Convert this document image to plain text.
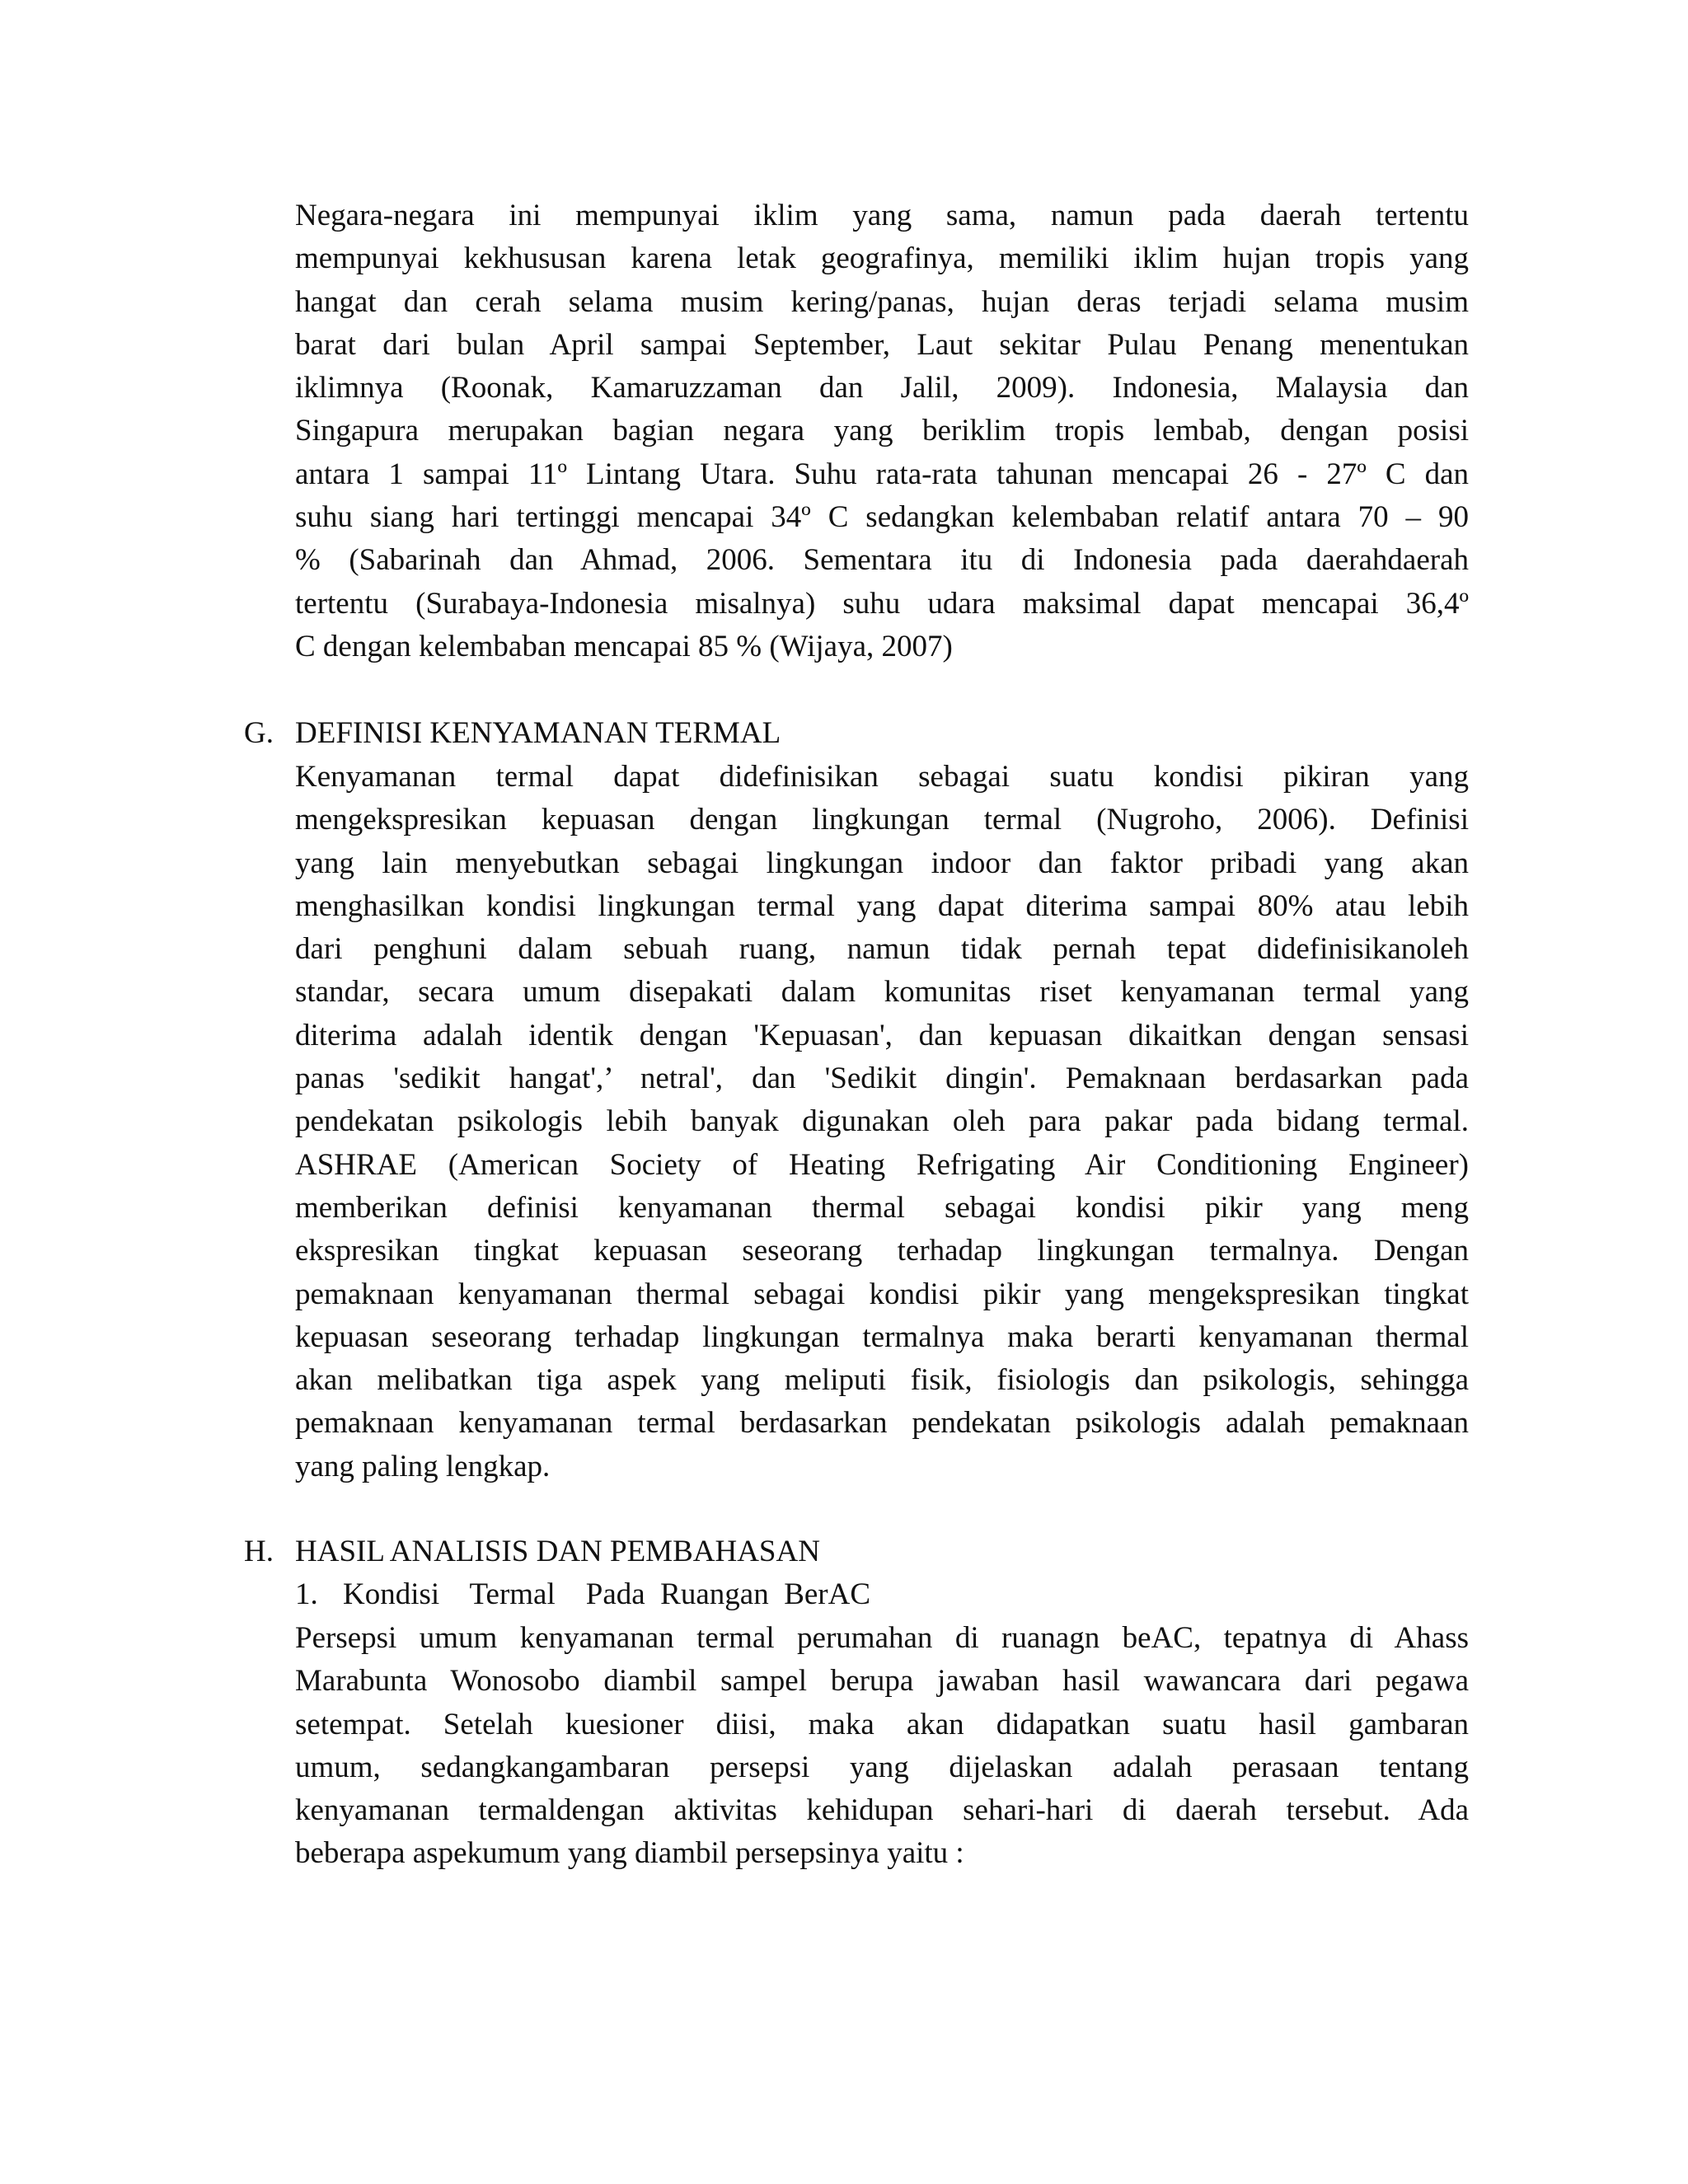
Negara-negara ini mempunyai iklim yang sama, namun pada daerah tertentu
mempunyai kekhususan karena letak geografinya, memiliki iklim hujan tropis yang
hangat dan cerah selama musim kering/panas, hujan deras terjadi selama musim
barat dari bulan April sampai September, Laut sekitar Pulau Penang menentukan
iklimnya (Roonak, Kamaruzzaman dan Jalil, 2009). Indonesia, Malaysia dan
Singapura merupakan bagian negara yang beriklim tropis lembab, dengan posisi
antara 1 sampai 11º Lintang Utara. Suhu rata-rata tahunan mencapai 26 - 27º C dan
suhu siang hari tertinggi mencapai 34º C sedangkan kelembaban relatif antara 70 – 90
% (Sabarinah dan Ahmad, 2006. Sementara itu di Indonesia pada daerahdaerah
tertentu (Surabaya-Indonesia misalnya) suhu udara maksimal dapat mencapai 36,4º
C dengan kelembaban mencapai 85 % (Wijaya, 2007)
G. DEFINISI KENYAMANAN TERMAL
Kenyamanan termal dapat didefinisikan sebagai suatu kondisi pikiran yang
mengekspresikan kepuasan dengan lingkungan termal (Nugroho, 2006). Definisi
yang lain menyebutkan sebagai lingkungan indoor dan faktor pribadi yang akan
menghasilkan kondisi lingkungan termal yang dapat diterima sampai 80% atau lebih
dari penghuni dalam sebuah ruang, namun tidak pernah tepat didefinisikanoleh
standar, secara umum disepakati dalam komunitas riset kenyamanan termal yang
diterima adalah identik dengan 'Kepuasan', dan kepuasan dikaitkan dengan sensasi
panas 'sedikit hangat',’ netral', dan 'Sedikit dingin'. Pemaknaan berdasarkan pada
pendekatan psikologis lebih banyak digunakan oleh para pakar pada bidang termal.
ASHRAE (American Society of Heating Refrigating Air Conditioning Engineer)
memberikan definisi kenyamanan thermal sebagai kondisi pikir yang meng
ekspresikan tingkat kepuasan seseorang terhadap lingkungan termalnya. Dengan
pemaknaan kenyamanan thermal sebagai kondisi pikir yang mengekspresikan tingkat
kepuasan seseorang terhadap lingkungan termalnya maka berarti kenyamanan thermal
akan melibatkan tiga aspek yang meliputi fisik, fisiologis dan psikologis, sehingga
pemaknaan kenyamanan termal berdasarkan pendekatan psikologis adalah pemaknaan
yang paling lengkap.
H. HASIL ANALISIS DAN PEMBAHASAN
1. Kondisi    Termal    Pada  Ruangan  BerAC
Persepsi umum kenyamanan termal perumahan di ruanagn beAC, tepatnya di Ahass
Marabunta Wonosobo diambil sampel berupa jawaban hasil wawancara dari pegawa
setempat. Setelah kuesioner diisi, maka akan didapatkan suatu hasil gambaran
umum, sedangkangambaran persepsi yang dijelaskan adalah perasaan tentang
kenyamanan termaldengan aktivitas kehidupan sehari-hari di daerah tersebut. Ada
beberapa aspekumum yang diambil persepsinya yaitu :
